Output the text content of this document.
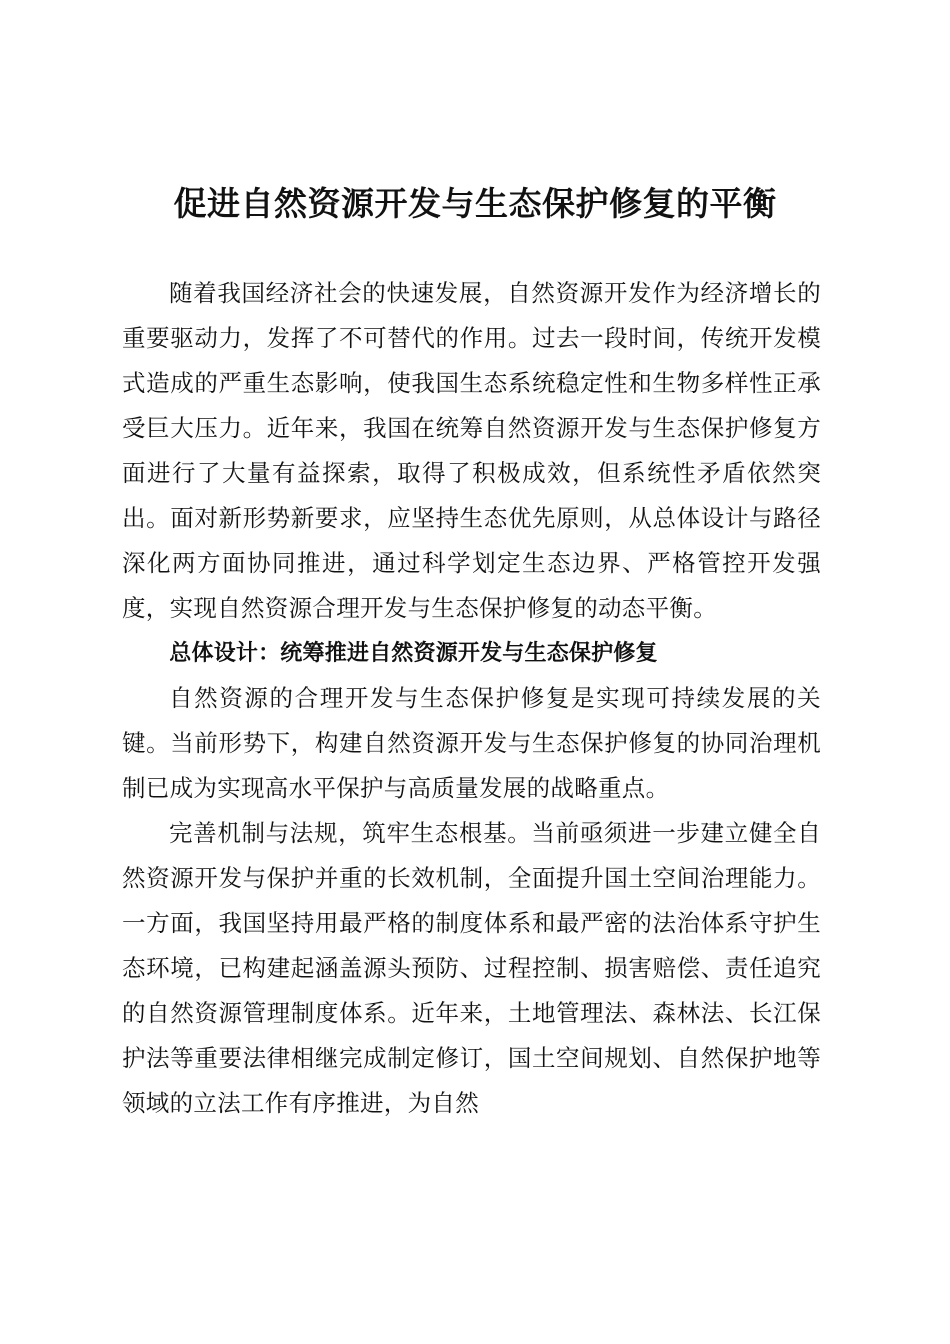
促进自然资源开发与生态保护修复的平衡

随着我国经济社会的快速发展，自然资源开发作为经济增长的重要驱动力，发挥了不可替代的作用。过去一段时间，传统开发模式造成的严重生态影响，使我国生态系统稳定性和生物多样性正承受巨大压力。近年来，我国在统筹自然资源开发与生态保护修复方面进行了大量有益探索，取得了积极成效，但系统性矛盾依然突出。面对新形势新要求，应坚持生态优先原则，从总体设计与路径深化两方面协同推进，通过科学划定生态边界、严格管控开发强度，实现自然资源合理开发与生态保护修复的动态平衡。

总体设计：统筹推进自然资源开发与生态保护修复

自然资源的合理开发与生态保护修复是实现可持续发展的关键。当前形势下，构建自然资源开发与生态保护修复的协同治理机制已成为实现高水平保护与高质量发展的战略重点。

完善机制与法规，筑牢生态根基。当前亟须进一步建立健全自然资源开发与保护并重的长效机制，全面提升国土空间治理能力。一方面，我国坚持用最严格的制度体系和最严密的法治体系守护生态环境，已构建起涵盖源头预防、过程控制、损害赔偿、责任追究的自然资源管理制度体系。近年来，土地管理法、森林法、长江保护法等重要法律相继完成制定修订，国土空间规划、自然保护地等领域的立法工作有序推进，为自然
